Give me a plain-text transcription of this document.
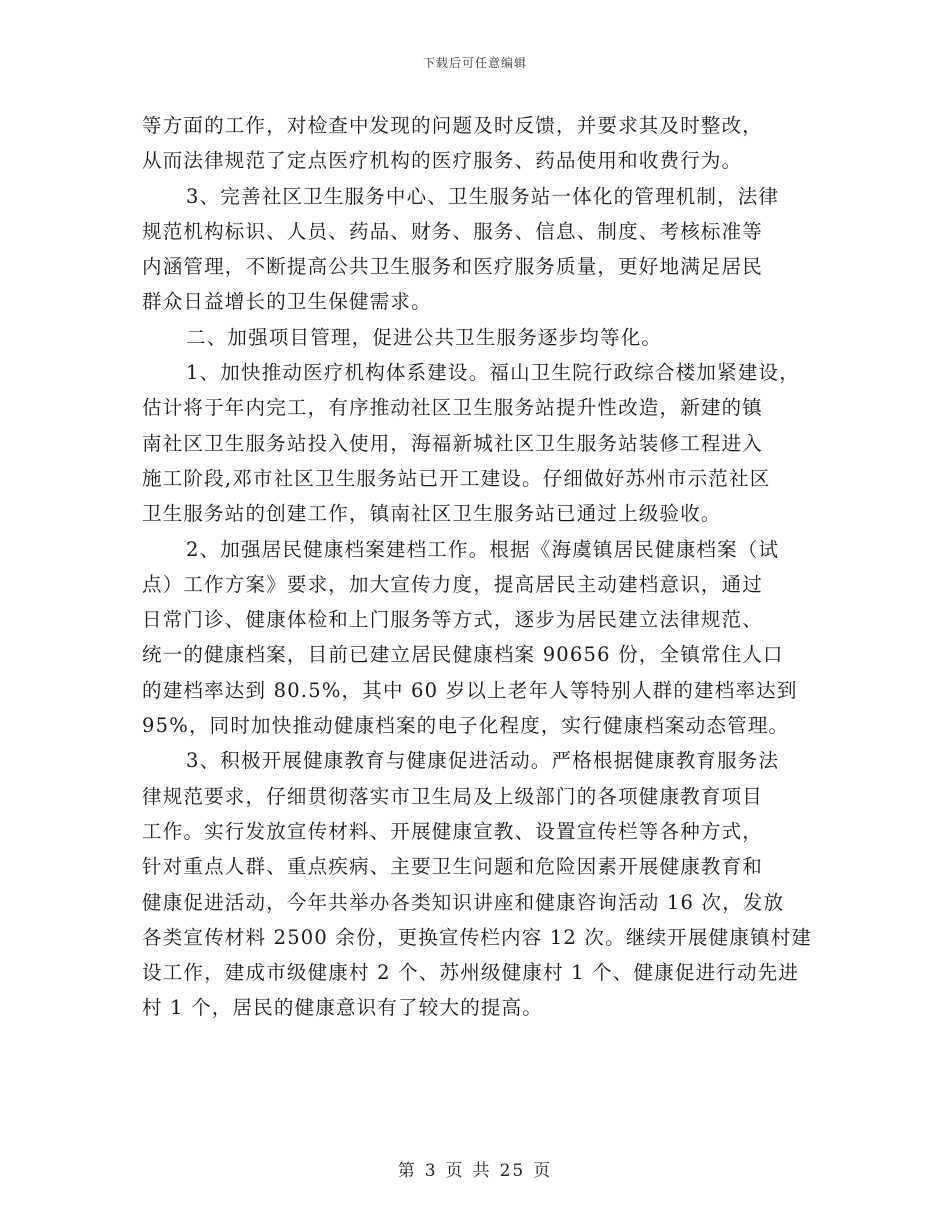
下载后可任意编辑
等方面的工作，对检查中发现的问题及时反馈，并要求其及时整改，
从而法律规范了定点医疗机构的医疗服务、药品使用和收费行为。
3、完善社区卫生服务中心、卫生服务站一体化的管理机制，法律
规范机构标识、人员、药品、财务、服务、信息、制度、考核标准等
内涵管理，不断提高公共卫生服务和医疗服务质量，更好地满足居民
群众日益增长的卫生保健需求。
二、加强项目管理，促进公共卫生服务逐步均等化。
1、加快推动医疗机构体系建设。福山卫生院行政综合楼加紧建设，
估计将于年内完工，有序推动社区卫生服务站提升性改造，新建的镇
南社区卫生服务站投入使用，海福新城社区卫生服务站装修工程进入
施工阶段,邓市社区卫生服务站已开工建设。仔细做好苏州市示范社区
卫生服务站的创建工作，镇南社区卫生服务站已通过上级验收。
2、加强居民健康档案建档工作。根据《海虞镇居民健康档案（试
点）工作方案》要求，加大宣传力度，提高居民主动建档意识，通过
日常门诊、健康体检和上门服务等方式，逐步为居民建立法律规范、
统一的健康档案，目前已建立居民健康档案 90656 份，全镇常住人口
的建档率达到 80.5%，其中 60 岁以上老年人等特别人群的建档率达到
95%，同时加快推动健康档案的电子化程度，实行健康档案动态管理。
3、积极开展健康教育与健康促进活动。严格根据健康教育服务法
律规范要求，仔细贯彻落实市卫生局及上级部门的各项健康教育项目
工作。实行发放宣传材料、开展健康宣教、设置宣传栏等各种方式，
针对重点人群、重点疾病、主要卫生问题和危险因素开展健康教育和
健康促进活动，今年共举办各类知识讲座和健康咨询活动 16 次，发放
各类宣传材料 2500 余份，更换宣传栏内容 12 次。继续开展健康镇村建
设工作，建成市级健康村 2 个、苏州级健康村 1 个、健康促进行动先进
村 1 个，居民的健康意识有了较大的提高。
第 3 页 共 25 页
